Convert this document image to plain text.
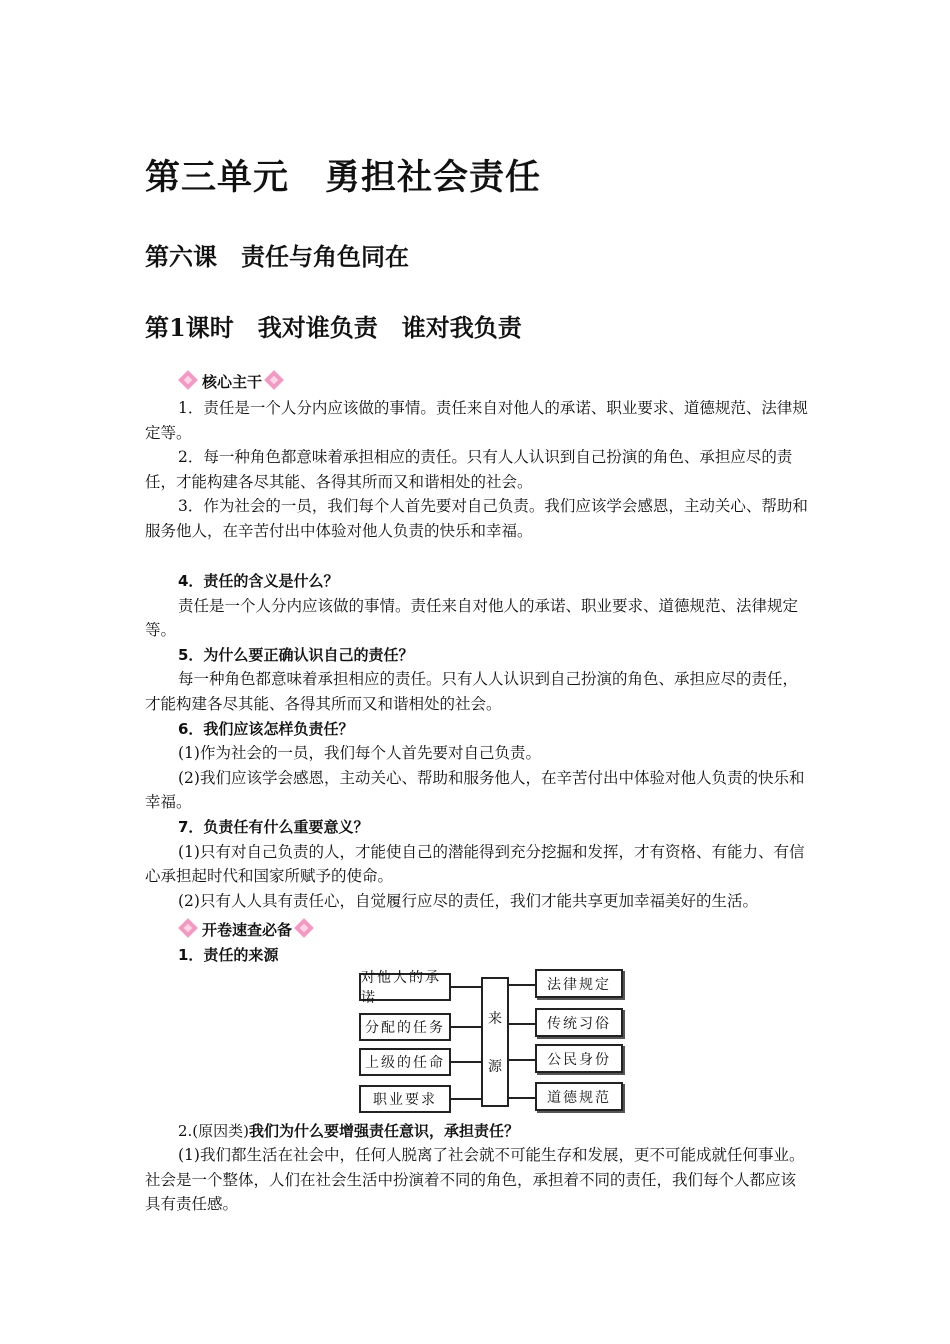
第三单元　勇担社会责任
第六课　责任与角色同在
第1课时　我对谁负责　谁对我负责
核心主干

1．责任是一个人分内应该做的事情。责任来自对他人的承诺、职业要求、道德规范、法律规定等。

2．每一种角色都意味着承担相应的责任。只有人人认识到自己扮演的角色、承担应尽的责任，才能构建各尽其能、各得其所而又和谐相处的社会。

3．作为社会的一员，我们每个人首先要对自己负责。我们应该学会感恩，主动关心、帮助和服务他人，在辛苦付出中体验对他人负责的快乐和幸福。

4．责任的含义是什么？

责任是一个人分内应该做的事情。责任来自对他人的承诺、职业要求、道德规范、法律规定等。

5．为什么要正确认识自己的责任？

每一种角色都意味着承担相应的责任。只有人人认识到自己扮演的角色、承担应尽的责任，才能构建各尽其能、各得其所而又和谐相处的社会。

6．我们应该怎样负责任？

(1)作为社会的一员，我们每个人首先要对自己负责。

(2)我们应该学会感恩，主动关心、帮助和服务他人，在辛苦付出中体验对他人负责的快乐和幸福。

7．负责任有什么重要意义？

(1)只有对自己负责的人，才能使自己的潜能得到充分挖掘和发挥，才有资格、有能力、有信心承担起时代和国家所赋予的使命。

(2)只有人人具有责任心，自觉履行应尽的责任，我们才能共享更加幸福美好的生活。

开卷速查必备
1．责任的来源
对他人的承诺
分配的任务
上级的任命
职业要求
来
源
法律规定
传统习俗
公民身份
道德规范
2.(原因类)我们为什么要增强责任意识，承担责任？

(1)我们都生活在社会中，任何人脱离了社会就不可能生存和发展，更不可能成就任何事业。社会是一个整体，人们在社会生活中扮演着不同的角色，承担着不同的责任，我们每个人都应该具有责任感。
